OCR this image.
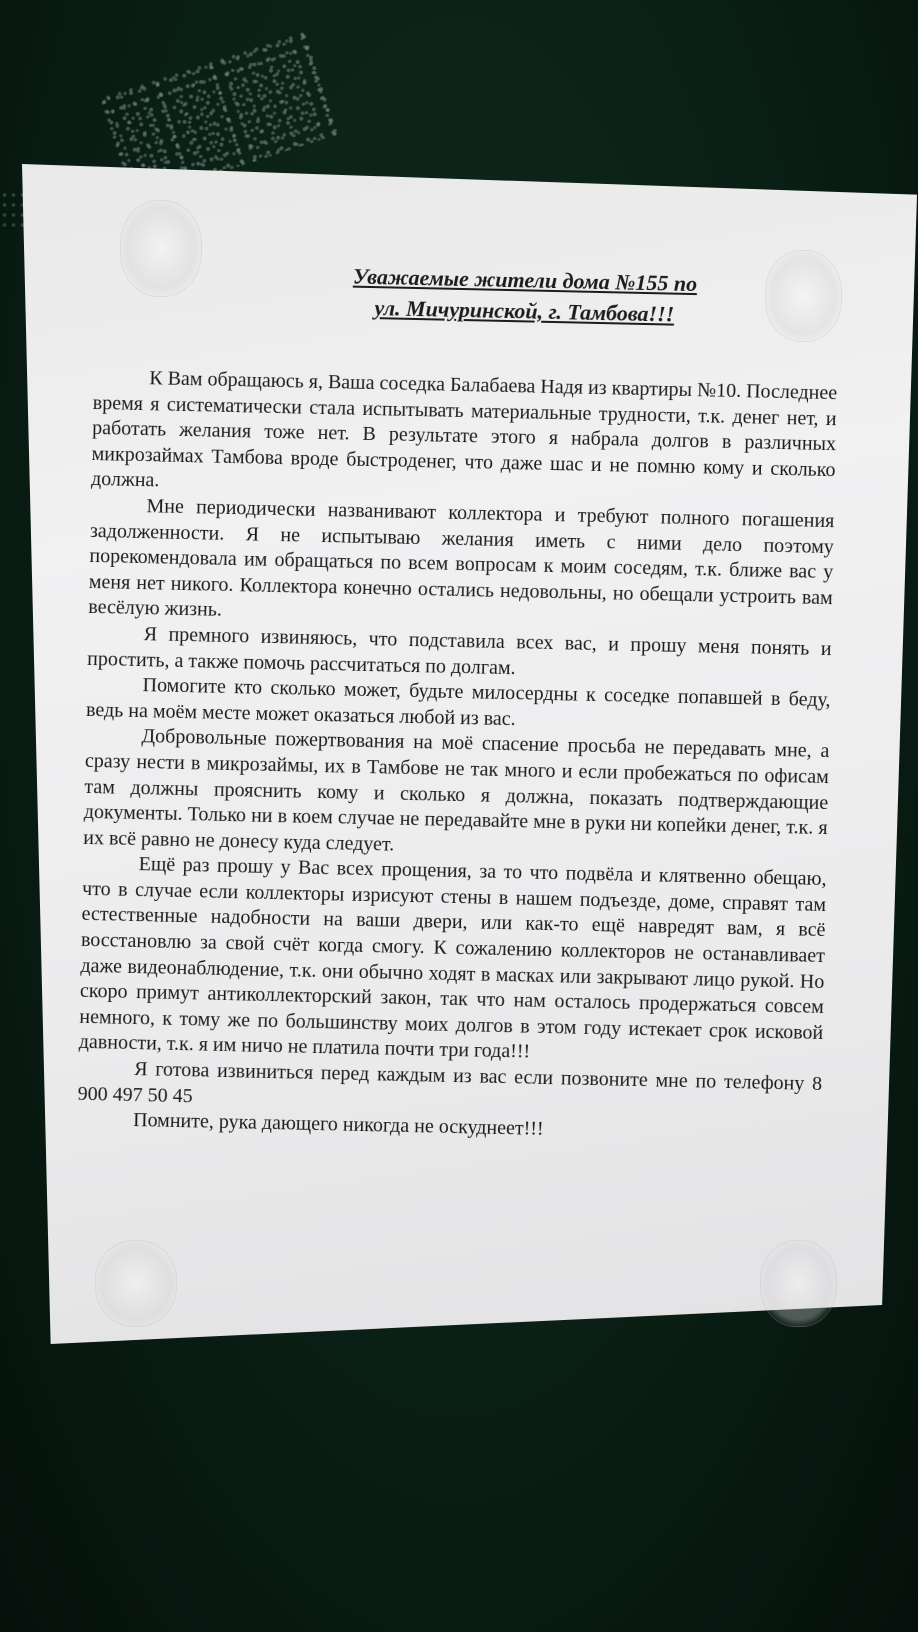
Уважаемые жители дома №155 по
ул. Мичуринской, г. Тамбова!!!

К Вам обращаюсь я, Ваша соседка Балабаева Надя из квартиры №10. Последнее время я систематически стала испытывать материальные трудности, т.к. денег нет, и работать желания тоже нет. В результате этого я набрала долгов в различных микрозаймах Тамбова вроде быстроденег, что даже шас и не помню кому и сколько должна.

Мне периодически названивают коллектора и требуют полного погашения задолженности. Я не испытываю желания иметь с ними дело поэтому порекомендовала им обращаться по всем вопросам к моим соседям, т.к. ближе вас у меня нет никого. Коллектора конечно остались недовольны, но обещали устроить вам весёлую жизнь.

Я премного извиняюсь, что подставила всех вас, и прошу меня понять и простить, а также помочь рассчитаться по долгам.

Помогите кто сколько может, будьте милосердны к соседке попавшей в беду, ведь на моём месте может оказаться любой из вас.

Добровольные пожертвования на моё спасение просьба не передавать мне, а сразу нести в микрозаймы, их в Тамбове не так много и если пробежаться по офисам там должны прояснить кому и сколько я должна, показать подтверждающие документы. Только ни в коем случае не передавайте мне в руки ни копейки денег, т.к. я их всё равно не донесу куда следует.

Ещё раз прошу у Вас всех прощения, за то что подвёла и клятвенно обещаю, что в случае если коллекторы изрисуют стены в нашем подъезде, доме, справят там естественные надобности на ваши двери, или как-то ещё навредят вам, я всё восстановлю за свой счёт когда смогу. К сожалению коллекторов не останавливает даже видеонаблюдение, т.к. они обычно ходят в масках или закрывают лицо рукой. Но скоро примут антиколлекторский закон, так что нам осталось продержаться совсем немного, к тому же по большинству моих долгов в этом году истекает срок исковой давности, т.к. я им ничо не платила почти три года!!!

Я готова извиниться перед каждым из вас если позвоните мне по телефону 8 900 497 50 45

Помните, рука дающего никогда не оскуднеет!!!
